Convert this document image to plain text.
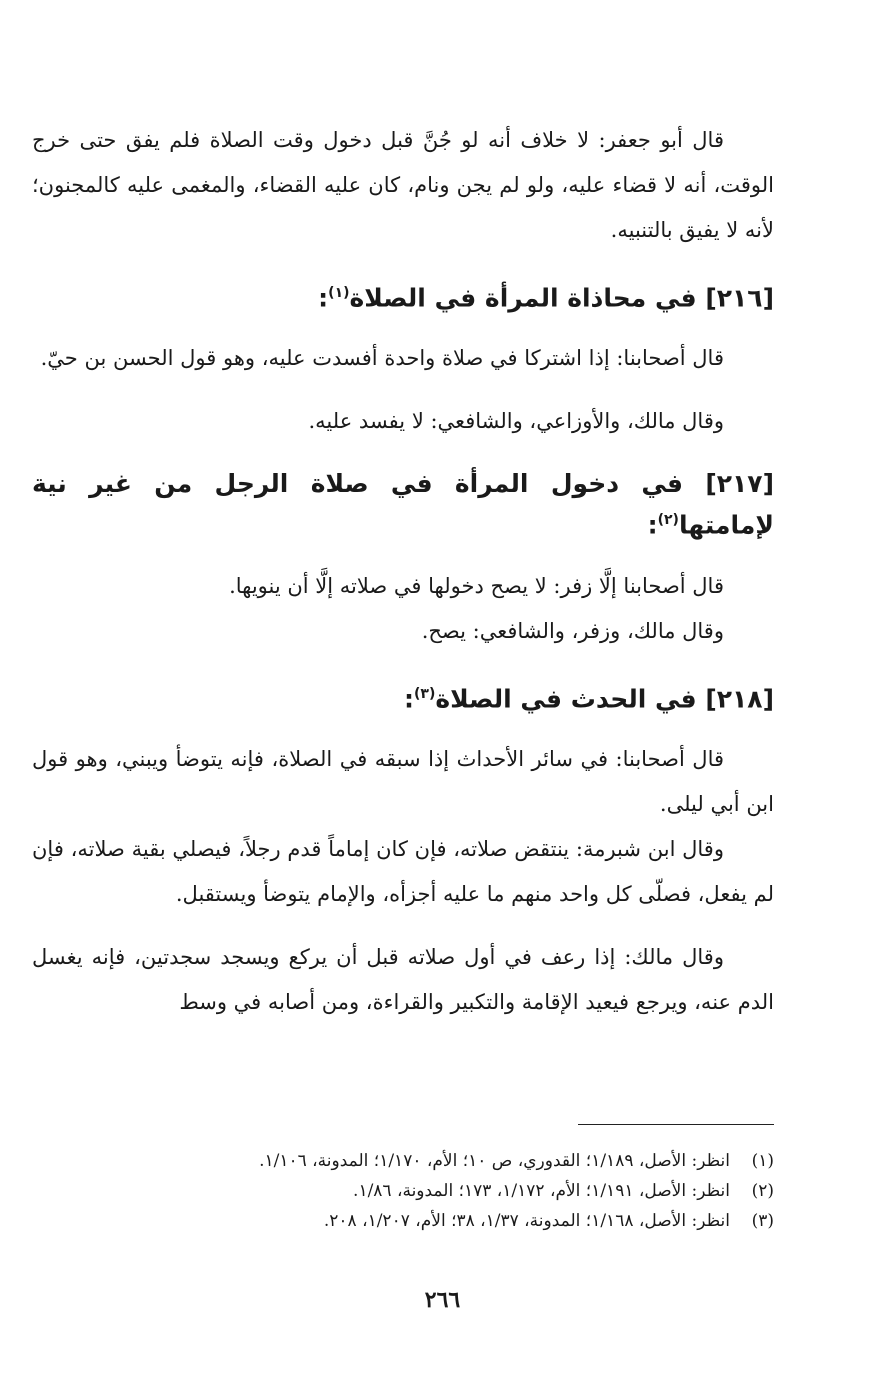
قال أبو جعفر: لا خلاف أنه لو جُنَّ قبل دخول وقت الصلاة فلم يفق حتى خرج الوقت، أنه لا قضاء عليه، ولو لم يجن ونام، كان عليه القضاء، والمغمى عليه كالمجنون؛ لأنه لا يفيق بالتنبيه.

[٢١٦] في محاذاة المرأة في الصلاة$^{(١)}$:

قال أصحابنا: إذا اشتركا في صلاة واحدة أفسدت عليه، وهو قول الحسن بن حيّ.

وقال مالك، والأوزاعي، والشافعي: لا يفسد عليه.

[٢١٧] في دخول المرأة في صلاة الرجل من غير نية لإمامتها$^{(٢)}$:

قال أصحابنا إلَّا زفر: لا يصح دخولها في صلاته إلَّا أن ينويها.

وقال مالك، وزفر، والشافعي: يصح.

[٢١٨] في الحدث في الصلاة$^{(٣)}$:

قال أصحابنا: في سائر الأحداث إذا سبقه في الصلاة، فإنه يتوضأ ويبني، وهو قول ابن أبي ليلى.

وقال ابن شبرمة: ينتقض صلاته، فإن كان إماماً قدم رجلاً، فيصلي بقية صلاته، فإن لم يفعل، فصلّى كل واحد منهم ما عليه أجزأه، والإمام يتوضأ ويستقبل.

وقال مالك: إذا رعف في أول صلاته قبل أن يركع ويسجد سجدتين، فإنه يغسل الدم عنه، ويرجع فيعيد الإقامة والتكبير والقراءة، ومن أصابه في وسط

(١)انظر: الأصل، ١/١٨٩؛ القدوري، ص ١٠؛ الأم، ١/١٧٠؛ المدونة، ١/١٠٦.
(٢)انظر: الأصل، ١/١٩١؛ الأم، ١/١٧٢، ١٧٣؛ المدونة، ١/٨٦.
(٣)انظر: الأصل، ١/١٦٨؛ المدونة، ١/٣٧، ٣٨؛ الأم، ١/٢٠٧، ٢٠٨.
٢٦٦
